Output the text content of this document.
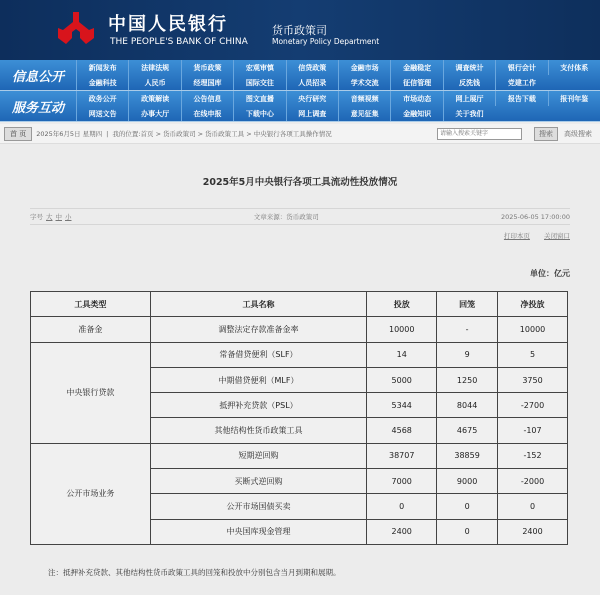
中国人民银行
THE PEOPLE'S BANK OF CHINA
货币政策司
Monetary Policy Department
信息公开
新闻发布	法律法规	货币政策	宏观审慎	信贷政策	金融市场	金融稳定	调查统计	银行会计	支付体系
金融科技	人民币	经理国库	国际交往	人员招录	学术交流	征信管理	反洗钱	党建工作
服务互动
政务公开	政策解读	公告信息	图文直播	央行研究	音频视频	市场动态	网上展厅	报告下载	报刊年鉴
网送文告	办事大厅	在线申报	下载中心	网上调查	意见征集	金融知识	关于我们
首 页	2025年6月5日 星期四 | 我的位置:首页 > 货币政策司 > 货币政策工具 > 中央银行各项工具操作情况
请输入搜索关键字	搜索	高级搜索
2025年5月中央银行各项工具流动性投放情况
字号 大 中 小	文章来源：货币政策司	2025-06-05 17:00:00
打印本页 关闭窗口
单位：亿元
工具类型	工具名称	投放	回笼	净投放
准备金	调整法定存款准备金率	10000	-	10000
中央银行贷款	常备借贷便利（SLF）	14	9	5
	中期借贷便利（MLF）	5000	1250	3750
	抵押补充贷款（PSL）	5344	8044	-2700
	其他结构性货币政策工具	4568	4675	-107
公开市场业务	短期逆回购	38707	38859	-152
	买断式逆回购	7000	9000	-2000
	公开市场国债买卖	0	0	0
	中央国库现金管理	2400	0	2400
注：抵押补充贷款、其他结构性货币政策工具的回笼和投放中分别包含当月到期和展期。
